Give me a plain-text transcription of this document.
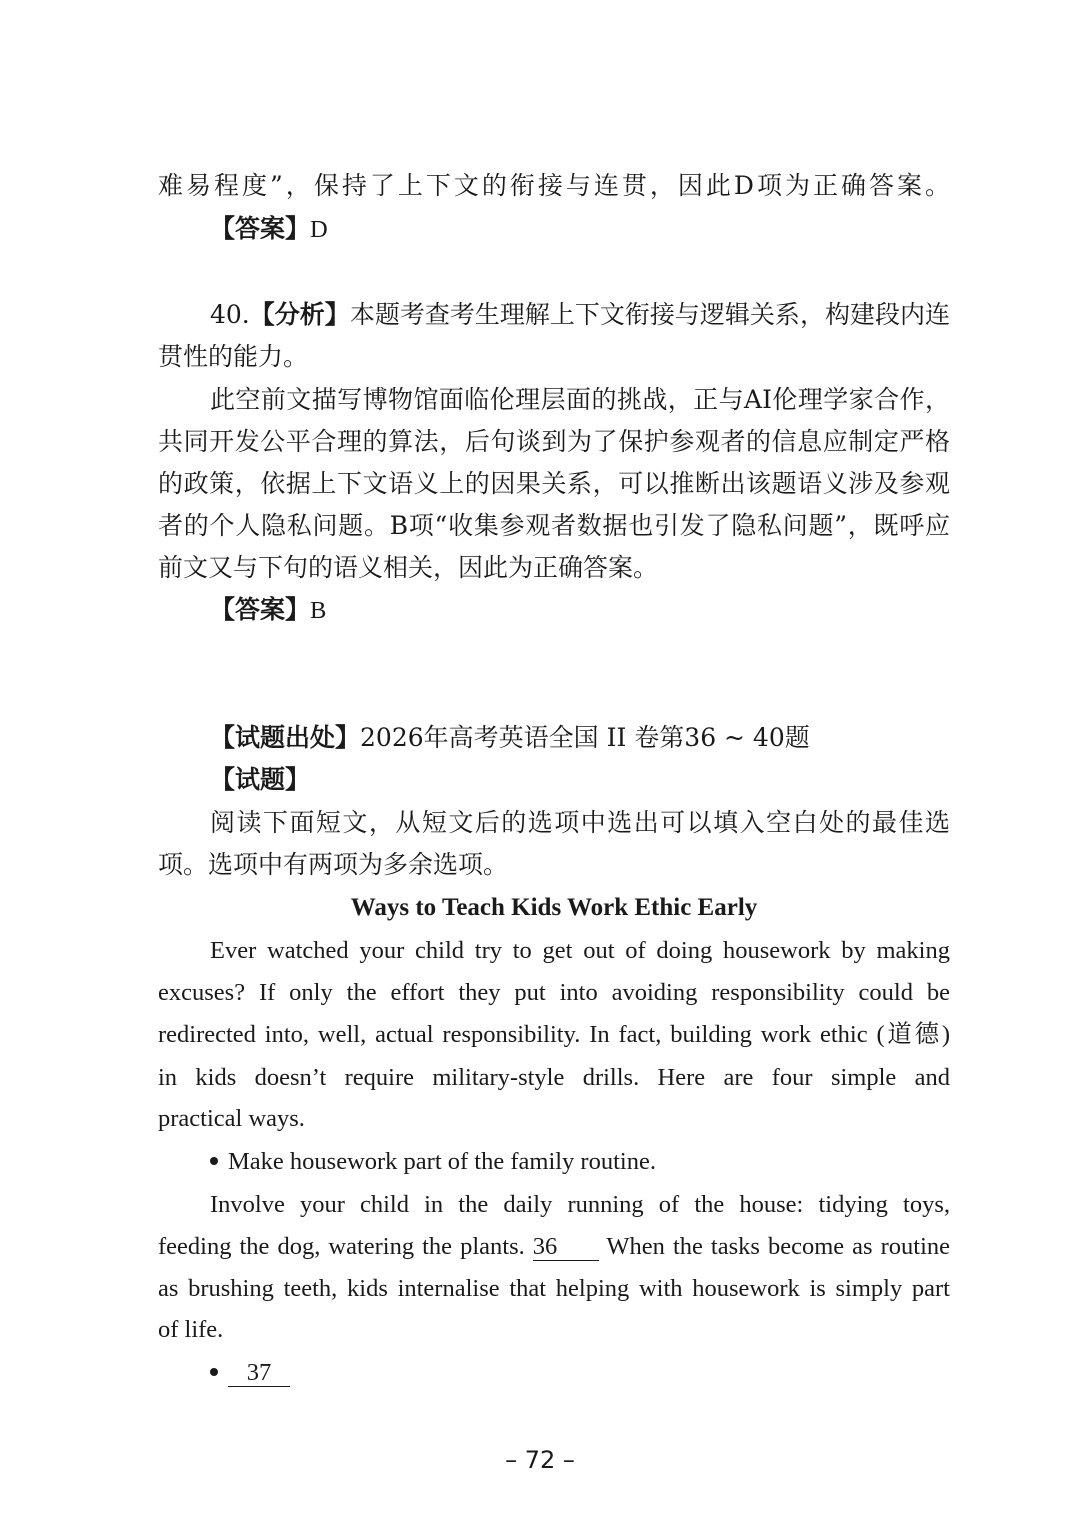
难易程度”，保持了上下文的衔接与连贯，因此D项为正确答案。
【答案】D
40.【分析】本题考查考生理解上下文衔接与逻辑关系，构建段内连
贯性的能力。
此空前文描写博物馆面临伦理层面的挑战，正与AI伦理学家合作，
共同开发公平合理的算法，后句谈到为了保护参观者的信息应制定严格
的政策，依据上下文语义上的因果关系，可以推断出该题语义涉及参观
者的个人隐私问题。B项“收集参观者数据也引发了隐私问题”，既呼应
前文又与下句的语义相关，因此为正确答案。
【答案】B
【试题出处】2026年高考英语全国 II 卷第36 ~ 40题
【试题】
阅读下面短文，从短文后的选项中选出可以填入空白处的最佳选
项。选项中有两项为多余选项。
Ways to Teach Kids Work Ethic Early
Ever watched your child try to get out of doing housework by making
excuses? If only the effort they put into avoiding responsibility could be
redirected into, well, actual responsibility. In fact, building work ethic (道德)
in kids doesn’t require military-style drills. Here are four simple and
practical ways.
Make housework part of the family routine.
Involve your child in the daily running of the house: tidying toys,
feeding the dog, watering the plants. 36 When the tasks become as routine
as brushing teeth, kids internalise that helping with housework is simply part
of life.
37
– 72 –
